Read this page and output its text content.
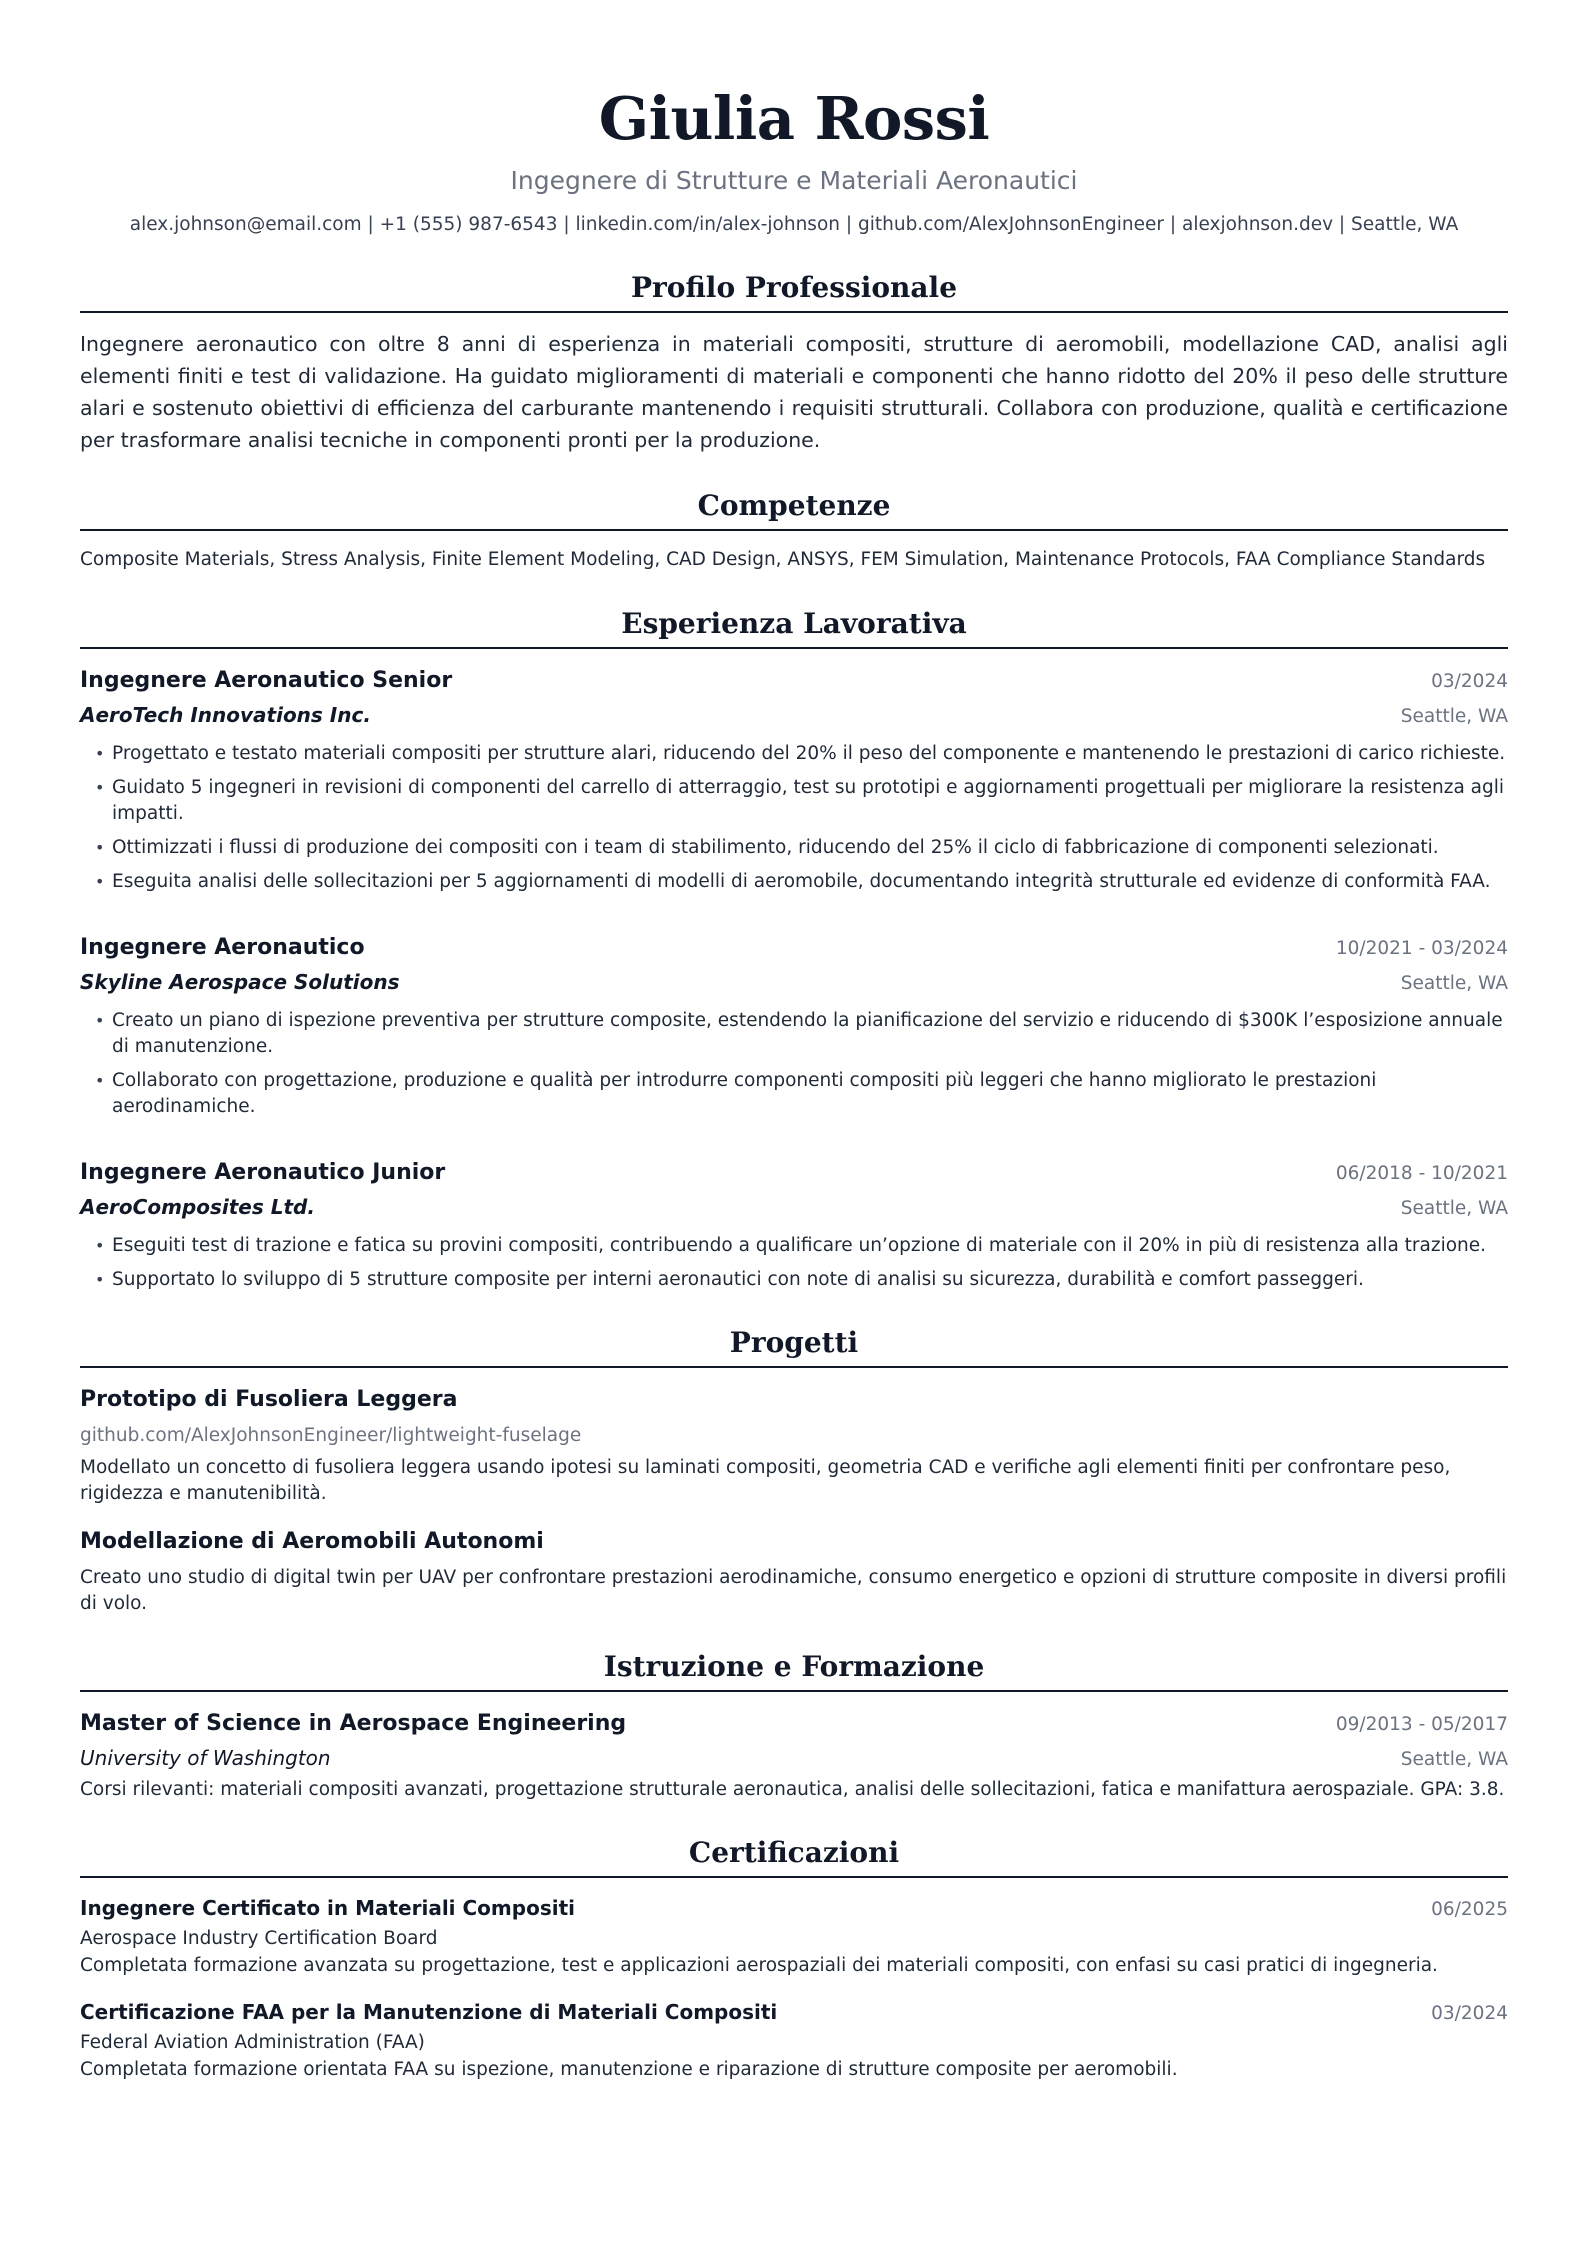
Giulia Rossi
Ingegnere di Strutture e Materiali Aeronautici
alex.johnson@email.com | +1 (555) 987-6543 | linkedin.com/in/alex-johnson | github.com/AlexJohnsonEngineer | alexjohnson.dev | Seattle, WA
Profilo Professionale

Ingegnere aeronautico con oltre 8 anni di esperienza in materiali compositi, strutture di aeromobili, modellazione CAD, analisi agli elementi finiti e test di validazione. Ha guidato miglioramenti di materiali e componenti che hanno ridotto del 20% il peso delle strutture alari e sostenuto obiettivi di efficienza del carburante mantenendo i requisiti strutturali. Collabora con produzione, qualità e certificazione per trasformare analisi tecniche in componenti pronti per la produzione.

Competenze

Composite Materials, Stress Analysis, Finite Element Modeling, CAD Design, ANSYS, FEM Simulation, Maintenance Protocols, FAA Compliance Standards

Esperienza Lavorativa
Ingegnere Aeronautico Senior	03/2024
AeroTech Innovations Inc.	Seattle, WA
• Progettato e testato materiali compositi per strutture alari, riducendo del 20% il peso del componente e mantenendo le prestazioni di carico richieste.
• Guidato 5 ingegneri in revisioni di componenti del carrello di atterraggio, test su prototipi e aggiornamenti progettuali per migliorare la resistenza agli impatti.
• Ottimizzati i flussi di produzione dei compositi con i team di stabilimento, riducendo del 25% il ciclo di fabbricazione di componenti selezionati.
• Eseguita analisi delle sollecitazioni per 5 aggiornamenti di modelli di aeromobile, documentando integrità strutturale ed evidenze di conformità FAA.
Ingegnere Aeronautico	10/2021 - 03/2024
Skyline Aerospace Solutions	Seattle, WA
• Creato un piano di ispezione preventiva per strutture composite, estendendo la pianificazione del servizio e riducendo di $300K l’esposizione annuale di manutenzione.
• Collaborato con progettazione, produzione e qualità per introdurre componenti compositi più leggeri che hanno migliorato le prestazioni aerodinamiche.
Ingegnere Aeronautico Junior	06/2018 - 10/2021
AeroComposites Ltd.	Seattle, WA
• Eseguiti test di trazione e fatica su provini compositi, contribuendo a qualificare un’opzione di materiale con il 20% in più di resistenza alla trazione.
• Supportato lo sviluppo di 5 strutture composite per interni aeronautici con note di analisi su sicurezza, durabilità e comfort passeggeri.
Progetti
Prototipo di Fusoliera Leggera
github.com/AlexJohnsonEngineer/lightweight-fuselage

Modellato un concetto di fusoliera leggera usando ipotesi su laminati compositi, geometria CAD e verifiche agli elementi finiti per confrontare peso, rigidezza e manutenibilità.

Modellazione di Aeromobili Autonomi

Creato uno studio di digital twin per UAV per confrontare prestazioni aerodinamiche, consumo energetico e opzioni di strutture composite in diversi profili di volo.

Istruzione e Formazione
Master of Science in Aerospace Engineering	09/2013 - 05/2017
University of Washington	Seattle, WA

Corsi rilevanti: materiali compositi avanzati, progettazione strutturale aeronautica, analisi delle sollecitazioni, fatica e manifattura aerospaziale. GPA: 3.8.

Certificazioni
Ingegnere Certificato in Materiali Compositi	06/2025
Aerospace Industry Certification Board

Completata formazione avanzata su progettazione, test e applicazioni aerospaziali dei materiali compositi, con enfasi su casi pratici di ingegneria.

Certificazione FAA per la Manutenzione di Materiali Compositi	03/2024
Federal Aviation Administration (FAA)

Completata formazione orientata FAA su ispezione, manutenzione e riparazione di strutture composite per aeromobili.
